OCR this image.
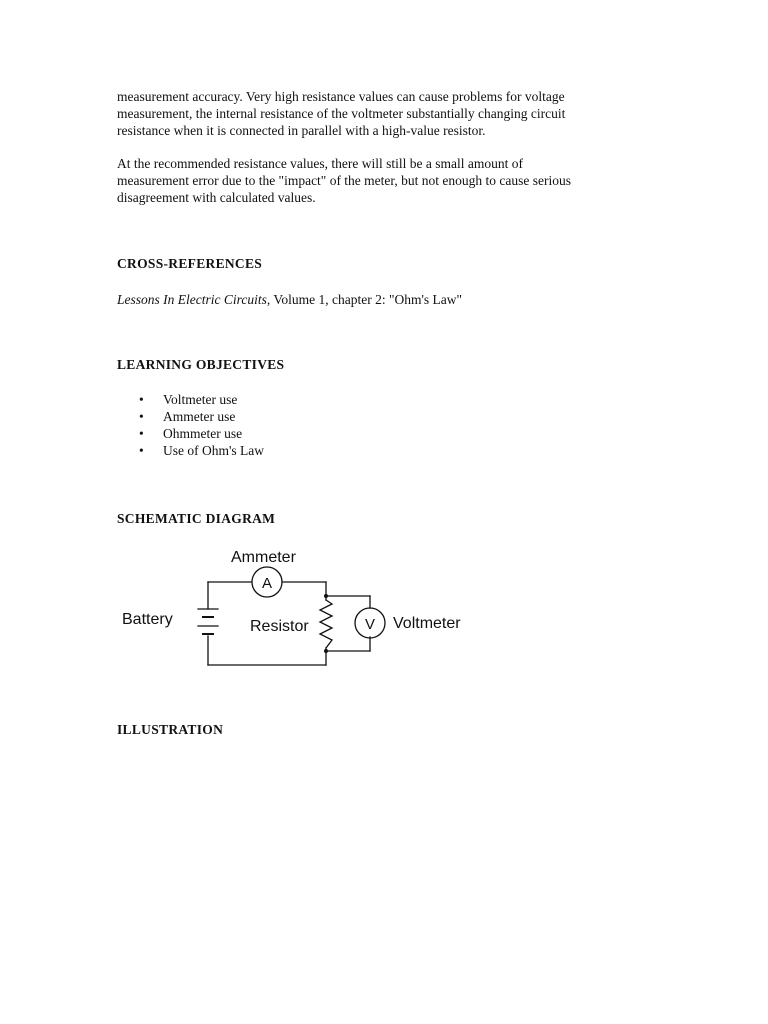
measurement accuracy. Very high resistance values can cause problems for voltage
measurement, the internal resistance of the voltmeter substantially changing circuit
resistance when it is connected in parallel with a high-value resistor.

At the recommended resistance values, there will still be a small amount of
measurement error due to the "impact" of the meter, but not enough to cause serious
disagreement with calculated values.

CROSS-REFERENCES
Lessons In Electric Circuits, Volume 1, chapter 2: "Ohm's Law"
LEARNING OBJECTIVES
• Voltmeter use
• Ammeter use
• Ohmmeter use
• Use of Ohm's Law
SCHEMATIC DIAGRAM
Ammeter
A
Battery	Resistor	V Voltmeter
ILLUSTRATION
